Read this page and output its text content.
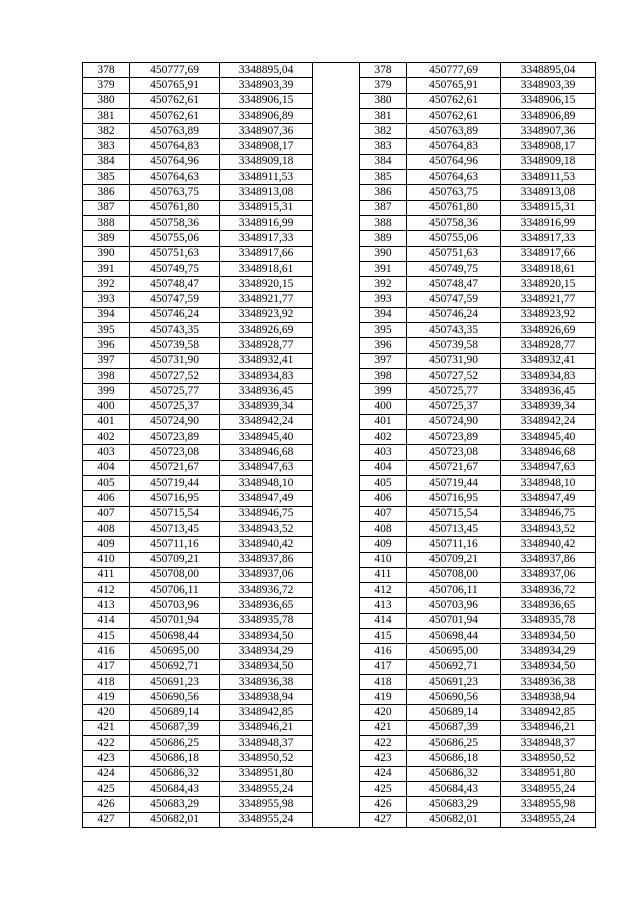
378	450777,69	3348895,04		378	450777,69	3348895,04
379	450765,91	3348903,39		379	450765,91	3348903,39
380	450762,61	3348906,15		380	450762,61	3348906,15
381	450762,61	3348906,89		381	450762,61	3348906,89
382	450763,89	3348907,36		382	450763,89	3348907,36
383	450764,83	3348908,17		383	450764,83	3348908,17
384	450764,96	3348909,18		384	450764,96	3348909,18
385	450764,63	3348911,53		385	450764,63	3348911,53
386	450763,75	3348913,08		386	450763,75	3348913,08
387	450761,80	3348915,31		387	450761,80	3348915,31
388	450758,36	3348916,99		388	450758,36	3348916,99
389	450755,06	3348917,33		389	450755,06	3348917,33
390	450751,63	3348917,66		390	450751,63	3348917,66
391	450749,75	3348918,61		391	450749,75	3348918,61
392	450748,47	3348920,15		392	450748,47	3348920,15
393	450747,59	3348921,77		393	450747,59	3348921,77
394	450746,24	3348923,92		394	450746,24	3348923,92
395	450743,35	3348926,69		395	450743,35	3348926,69
396	450739,58	3348928,77		396	450739,58	3348928,77
397	450731,90	3348932,41		397	450731,90	3348932,41
398	450727,52	3348934,83		398	450727,52	3348934,83
399	450725,77	3348936,45		399	450725,77	3348936,45
400	450725,37	3348939,34		400	450725,37	3348939,34
401	450724,90	3348942,24		401	450724,90	3348942,24
402	450723,89	3348945,40		402	450723,89	3348945,40
403	450723,08	3348946,68		403	450723,08	3348946,68
404	450721,67	3348947,63		404	450721,67	3348947,63
405	450719,44	3348948,10		405	450719,44	3348948,10
406	450716,95	3348947,49		406	450716,95	3348947,49
407	450715,54	3348946,75		407	450715,54	3348946,75
408	450713,45	3348943,52		408	450713,45	3348943,52
409	450711,16	3348940,42		409	450711,16	3348940,42
410	450709,21	3348937,86		410	450709,21	3348937,86
411	450708,00	3348937,06		411	450708,00	3348937,06
412	450706,11	3348936,72		412	450706,11	3348936,72
413	450703,96	3348936,65		413	450703,96	3348936,65
414	450701,94	3348935,78		414	450701,94	3348935,78
415	450698,44	3348934,50		415	450698,44	3348934,50
416	450695,00	3348934,29		416	450695,00	3348934,29
417	450692,71	3348934,50		417	450692,71	3348934,50
418	450691,23	3348936,38		418	450691,23	3348936,38
419	450690,56	3348938,94		419	450690,56	3348938,94
420	450689,14	3348942,85		420	450689,14	3348942,85
421	450687,39	3348946,21		421	450687,39	3348946,21
422	450686,25	3348948,37		422	450686,25	3348948,37
423	450686,18	3348950,52		423	450686,18	3348950,52
424	450686,32	3348951,80		424	450686,32	3348951,80
425	450684,43	3348955,24		425	450684,43	3348955,24
426	450683,29	3348955,98		426	450683,29	3348955,98
427	450682,01	3348955,24		427	450682,01	3348955,24
